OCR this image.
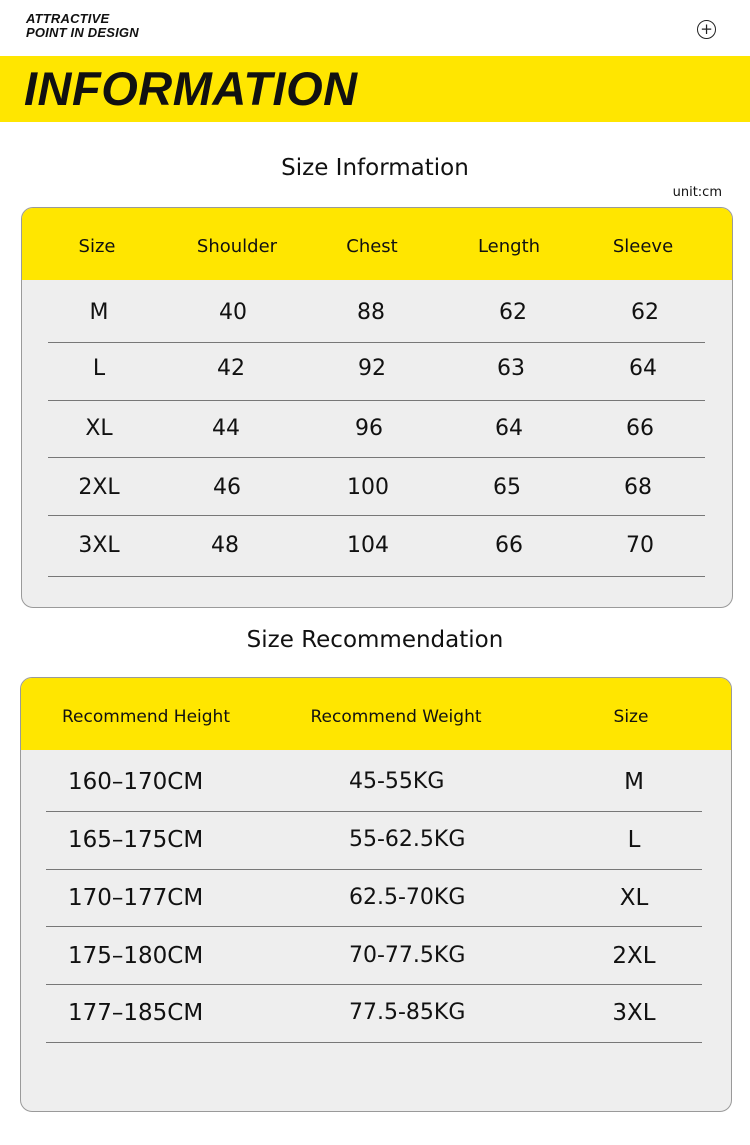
ATTRACTIVE
POINT IN DESIGN	+
INFORMATION
Size Information
unit:cm
Size	Shoulder	Chest	Length	Sleeve
M	40	88	62	62
L	42	92	63	64
XL	44	96	64	66
2XL	46	100	65	68
3XL	48	104	66	70
Size Recommendation
Recommend Height	Recommend Weight	Size
160–170CM	45-55KG	M
165–175CM	55-62.5KG	L
170–177CM	62.5-70KG	XL
175–180CM	70-77.5KG	2XL
177–185CM	77.5-85KG	3XL
